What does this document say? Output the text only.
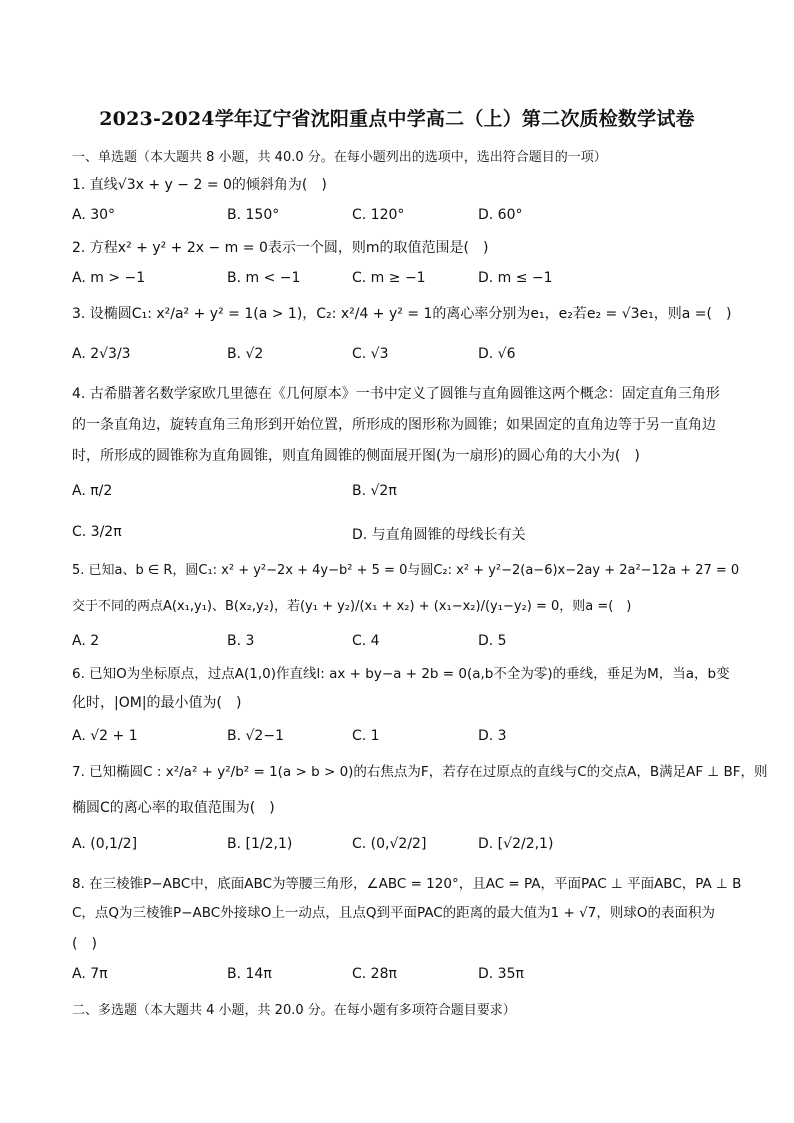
2023-2024学年辽宁省沈阳重点中学高二（上）第二次质检数学试卷
一、单选题（本大题共 8 小题，共 40.0 分。在每小题列出的选项中，选出符合题目的一项）
1. 直线√3x + y − 2 = 0的倾斜角为(　)
A. 30°	B. 150°	C. 120°	D. 60°
2. 方程x² + y² + 2x − m = 0表示一个圆，则m的取值范围是(　)
A. m > −1	B. m < −1	C. m ≥ −1	D. m ≤ −1
3. 设椭圆C₁: x²/a² + y² = 1(a > 1)，C₂: x²/4 + y² = 1的离心率分别为e₁，e₂若e₂ = √3e₁，则a =(　)
A. 2√3/3	B. √2	C. √3	D. √6
4. 古希腊著名数学家欧几里德在《几何原本》一书中定义了圆锥与直角圆锥这两个概念：固定直角三角形
的一条直角边，旋转直角三角形到开始位置，所形成的图形称为圆锥；如果固定的直角边等于另一直角边
时，所形成的圆锥称为直角圆锥，则直角圆锥的侧面展开图(为一扇形)的圆心角的大小为(　)
A. π/2	B. √2π
C. 3/2π	D. 与直角圆锥的母线长有关
5. 已知a、b ∈ R，圆C₁: x² + y²−2x + 4y−b² + 5 = 0与圆C₂: x² + y²−2(a−6)x−2ay + 2a²−12a + 27 = 0
交于不同的两点A(x₁,y₁)、B(x₂,y₂)，若(y₁ + y₂)/(x₁ + x₂) + (x₁−x₂)/(y₁−y₂) = 0，则a =(　)
A. 2	B. 3	C. 4	D. 5
6. 已知O为坐标原点，过点A(1,0)作直线l: ax + by−a + 2b = 0(a,b不全为零)的垂线，垂足为M，当a，b变
化时，|OM|的最小值为(　)
A. √2 + 1	B. √2−1	C. 1	D. 3
7. 已知椭圆C : x²/a² + y²/b² = 1(a > b > 0)的右焦点为F，若存在过原点的直线与C的交点A，B满足AF ⊥ BF，则
椭圆C的离心率的取值范围为(　)
A. (0,1/2]	B. [1/2,1)	C. (0,√2/2]	D. [√2/2,1)
8. 在三棱锥P−ABC中，底面ABC为等腰三角形，∠ABC = 120°，且AC = PA，平面PAC ⊥ 平面ABC，PA ⊥ B
C，点Q为三棱锥P−ABC外接球O上一动点，且点Q到平面PAC的距离的最大值为1 + √7，则球O的表面积为
(　)
A. 7π	B. 14π	C. 28π	D. 35π
二、多选题（本大题共 4 小题，共 20.0 分。在每小题有多项符合题目要求）
